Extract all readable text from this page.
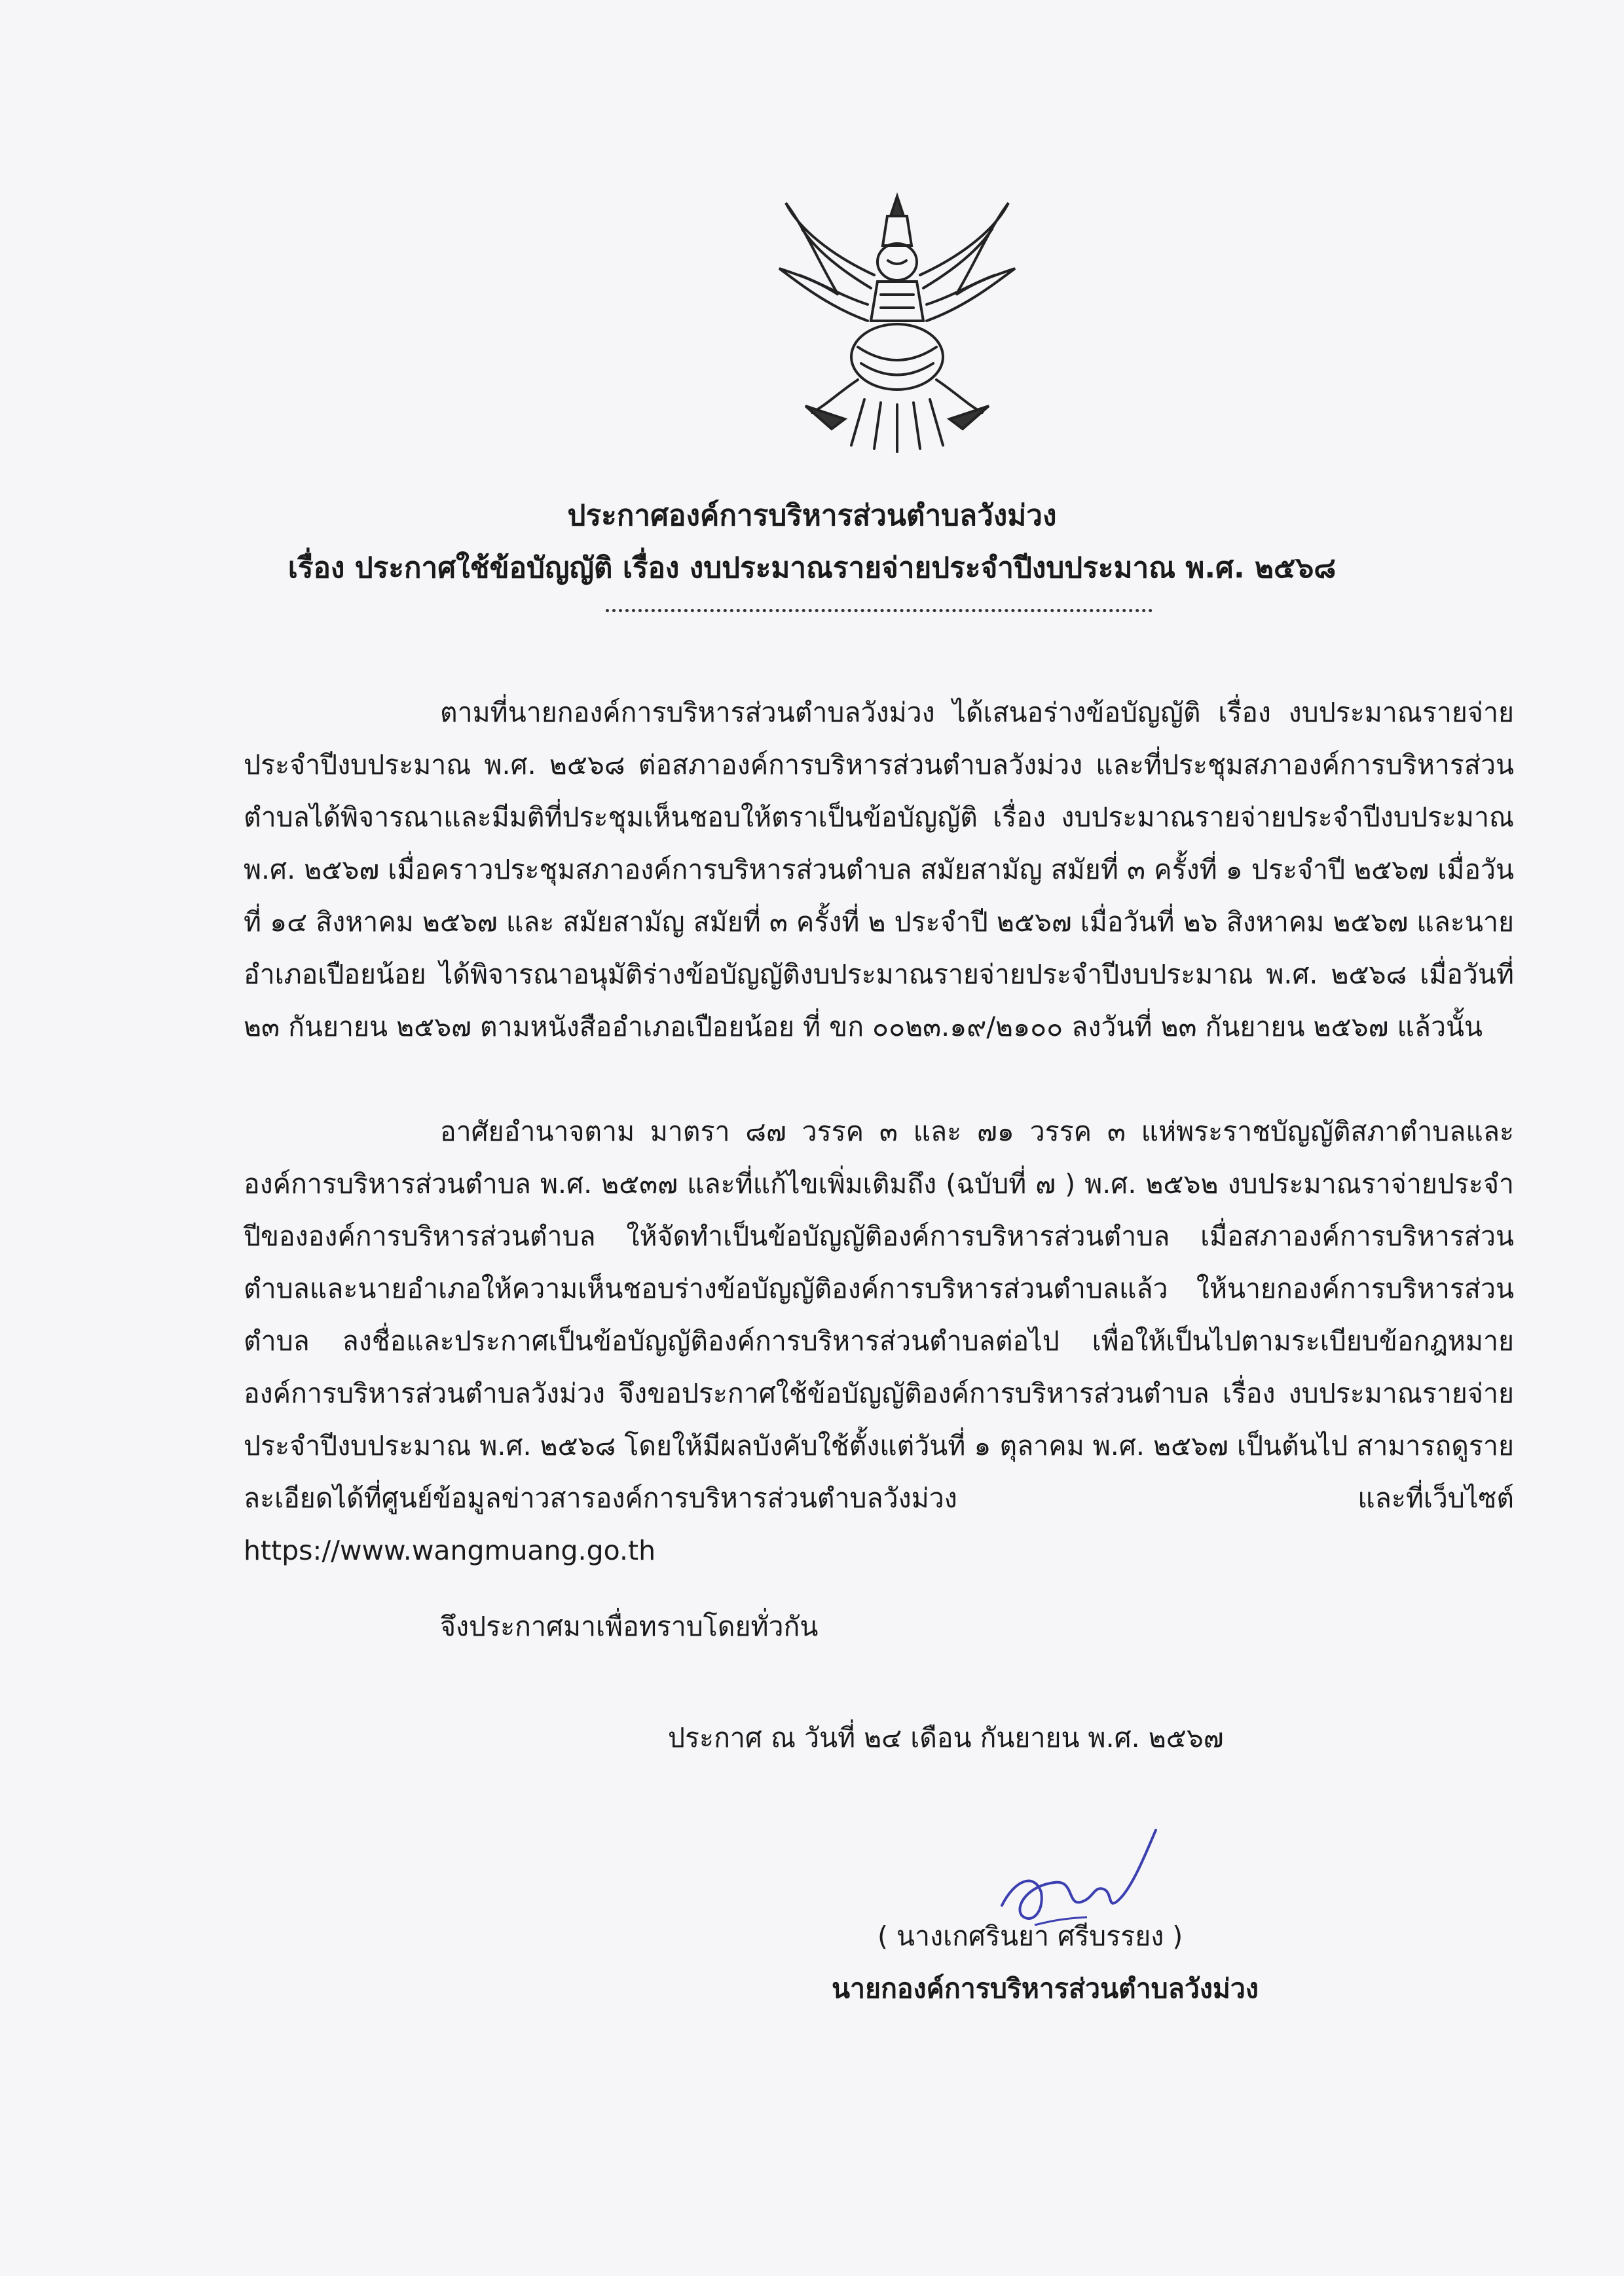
ประกาศองค์การบริหารส่วนตำบลวังม่วง
เรื่อง ประกาศใช้ข้อบัญญัติ เรื่อง งบประมาณรายจ่ายประจำปีงบประมาณ พ.ศ. ๒๕๖๘
ตามที่นายกองค์การบริหารส่วนตำบลวังม่วง ได้เสนอร่างข้อบัญญัติ เรื่อง งบประมาณรายจ่ายประจำปีงบประมาณ พ.ศ. ๒๕๖๘ ต่อสภาองค์การบริหารส่วนตำบลวังม่วง และที่ประชุมสภาองค์การบริหารส่วนตำบลได้พิจารณาและมีมติที่ประชุมเห็นชอบให้ตราเป็นข้อบัญญัติ เรื่อง งบประมาณรายจ่ายประจำปีงบประมาณ พ.ศ. ๒๕๖๗ เมื่อคราวประชุมสภาองค์การบริหารส่วนตำบล สมัยสามัญ สมัยที่ ๓ ครั้งที่ ๑ ประจำปี ๒๕๖๗ เมื่อวันที่ ๑๔ สิงหาคม ๒๕๖๗ และ สมัยสามัญ สมัยที่ ๓ ครั้งที่ ๒ ประจำปี ๒๕๖๗ เมื่อวันที่ ๒๖ สิงหาคม ๒๕๖๗ และนายอำเภอเปือยน้อย ได้พิจารณาอนุมัติร่างข้อบัญญัติงบประมาณรายจ่ายประจำปีงบประมาณ พ.ศ. ๒๕๖๘ เมื่อวันที่ ๒๓ กันยายน ๒๕๖๗ ตามหนังสืออำเภอเปือยน้อย ที่ ขก ๐๐๒๓.๑๙/๒๑๐๐ ลงวันที่ ๒๓ กันยายน ๒๕๖๗ แล้วนั้น
อาศัยอำนาจตาม มาตรา ๘๗ วรรค ๓ และ ๗๑ วรรค ๓ แห่พระราชบัญญัติสภาตำบลและองค์การบริหารส่วนตำบล พ.ศ. ๒๕๓๗ และที่แก้ไขเพิ่มเติมถึง (ฉบับที่ ๗ ) พ.ศ. ๒๕๖๒ งบประมาณราจ่ายประจำปีขององค์การบริหารส่วนตำบล ให้จัดทำเป็นข้อบัญญัติองค์การบริหารส่วนตำบล เมื่อสภาองค์การบริหารส่วนตำบลและนายอำเภอให้ความเห็นชอบร่างข้อบัญญัติองค์การบริหารส่วนตำบลแล้ว ให้นายกองค์การบริหารส่วนตำบล ลงชื่อและประกาศเป็นข้อบัญญัติองค์การบริหารส่วนตำบลต่อไป เพื่อให้เป็นไปตามระเบียบข้อกฎหมาย องค์การบริหารส่วนตำบลวังม่วง จึงขอประกาศใช้ข้อบัญญัติองค์การบริหารส่วนตำบล เรื่อง งบประมาณรายจ่ายประจำปีงบประมาณ พ.ศ. ๒๕๖๘ โดยให้มีผลบังคับใช้ตั้งแต่วันที่ ๑ ตุลาคม พ.ศ. ๒๕๖๗ เป็นต้นไป สามารถดูรายละเอียดได้ที่ศูนย์ข้อมูลข่าวสารองค์การบริหารส่วนตำบลวังม่วง และที่เว็บไซต์ https://www.wangmuang.go.th
จึงประกาศมาเพื่อทราบโดยทั่วกัน
ประกาศ ณ วันที่ ๒๔ เดือน กันยายน พ.ศ. ๒๕๖๗
( นางเกศรินยา ศรีบรรยง )
นายกองค์การบริหารส่วนตำบลวังม่วง
